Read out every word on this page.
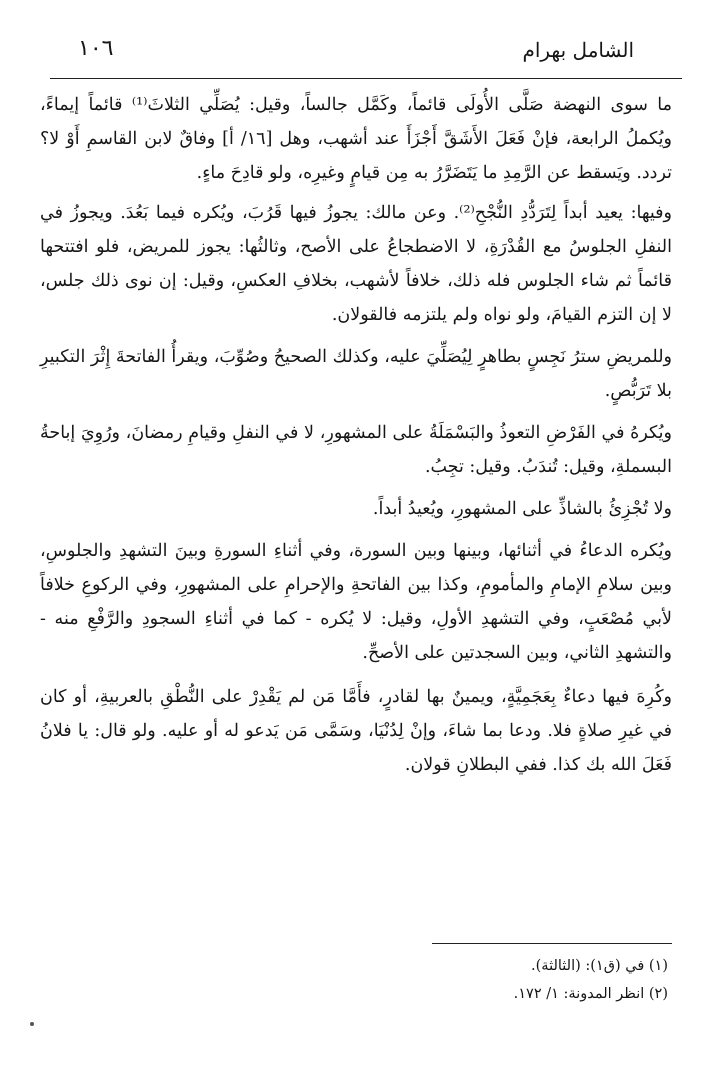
١٠٦	الشامل بهرام

ما سوى النهضة صَلَّى الأُولَى قائماً، وكَمَّل جالساً، وقيل: يُصَلِّي الثلاثَ⁽¹⁾ قائماً إيماءً، ويُكملُ الرابعة، فإنْ فَعَلَ الأَشَقَّ أَجْزَأَ عند أشهب، وهل [١٦/ أ] وفاقٌ لابن القاسمِ أَوْ لا؟ تردد. ويَسقط عن الرَّمِدِ ما يَتَضَرَّرُ به مِن قيامٍ وغيرِه، ولو قادِحَ ماءٍ.

وفيها: يعيد أبداً لِتَرَدُّدِ النُّجْحِ⁽²⁾. وعن مالك: يجوزُ فيها قَرُبَ، ويُكره فيما بَعُدَ. ويجوزُ في النفلِ الجلوسُ مع القُدْرَةِ، لا الاضطجاعُ على الأصح، وثالثُها: يجوز للمريض، فلو افتتحها قائماً ثم شاء الجلوس فله ذلك، خلافاً لأشهب، بخلافِ العكسِ، وقيل: إن نوى ذلك جلس، لا إن التزم القيامَ، ولو نواه ولم يلتزمه فالقولان.

وللمريضِ سترُ نَجِسٍ بطاهرٍ لِيُصَلِّيَ عليه، وكذلك الصحيحُ وصُوِّبَ، ويقرأُ الفاتحةَ إِثْرَ التكبيرِ بلا تَرَبُّصٍ.

ويُكرهُ في الفَرْضِ التعوذُ والبَسْمَلَةُ على المشهورِ، لا في النفلِ وقيامِ رمضانَ، ورُوِيَ إباحةُ البسملةِ، وقيل: تُندَبُ. وقيل: تجِبُ.

ولا تُجْزِئُ بالشاذِّ على المشهورِ، ويُعيدُ أبداً.

ويُكره الدعاءُ في أثنائها، وبينها وبين السورة، وفي أثناءِ السورةِ وبينَ التشهدِ والجلوسِ، وبين سلامِ الإمامِ والمأمومِ، وكذا بين الفاتحةِ والإحرامِ على المشهورِ، وفي الركوعِ خلافاً لأبي مُصْعَبٍ، وفي التشهدِ الأولِ، وقيل: لا يُكره - كما في أثناءِ السجودِ والرَّفْعِ منه - والتشهدِ الثاني، وبين السجدتين على الأصحِّ.

وكُرِهَ فيها دعاءٌ بِعَجَمِيَّةٍ، ويمينٌ بها لقادرٍ، فأَمَّا مَن لم يَقْدِرْ على النُّطْقِ بالعربيةِ، أو كان في غيرِ صلاةٍ فلا. ودعا بما شاءَ، وإنْ لِدُنْيَا، وسَمَّى مَن يَدعو له أو عليه. ولو قال: يا فلانُ فَعَلَ الله بك كذا. ففي البطلانِ قولان.

(١) في (ق١): (الثالثة).

(٢) انظر المدونة: ١/ ١٧٢.
